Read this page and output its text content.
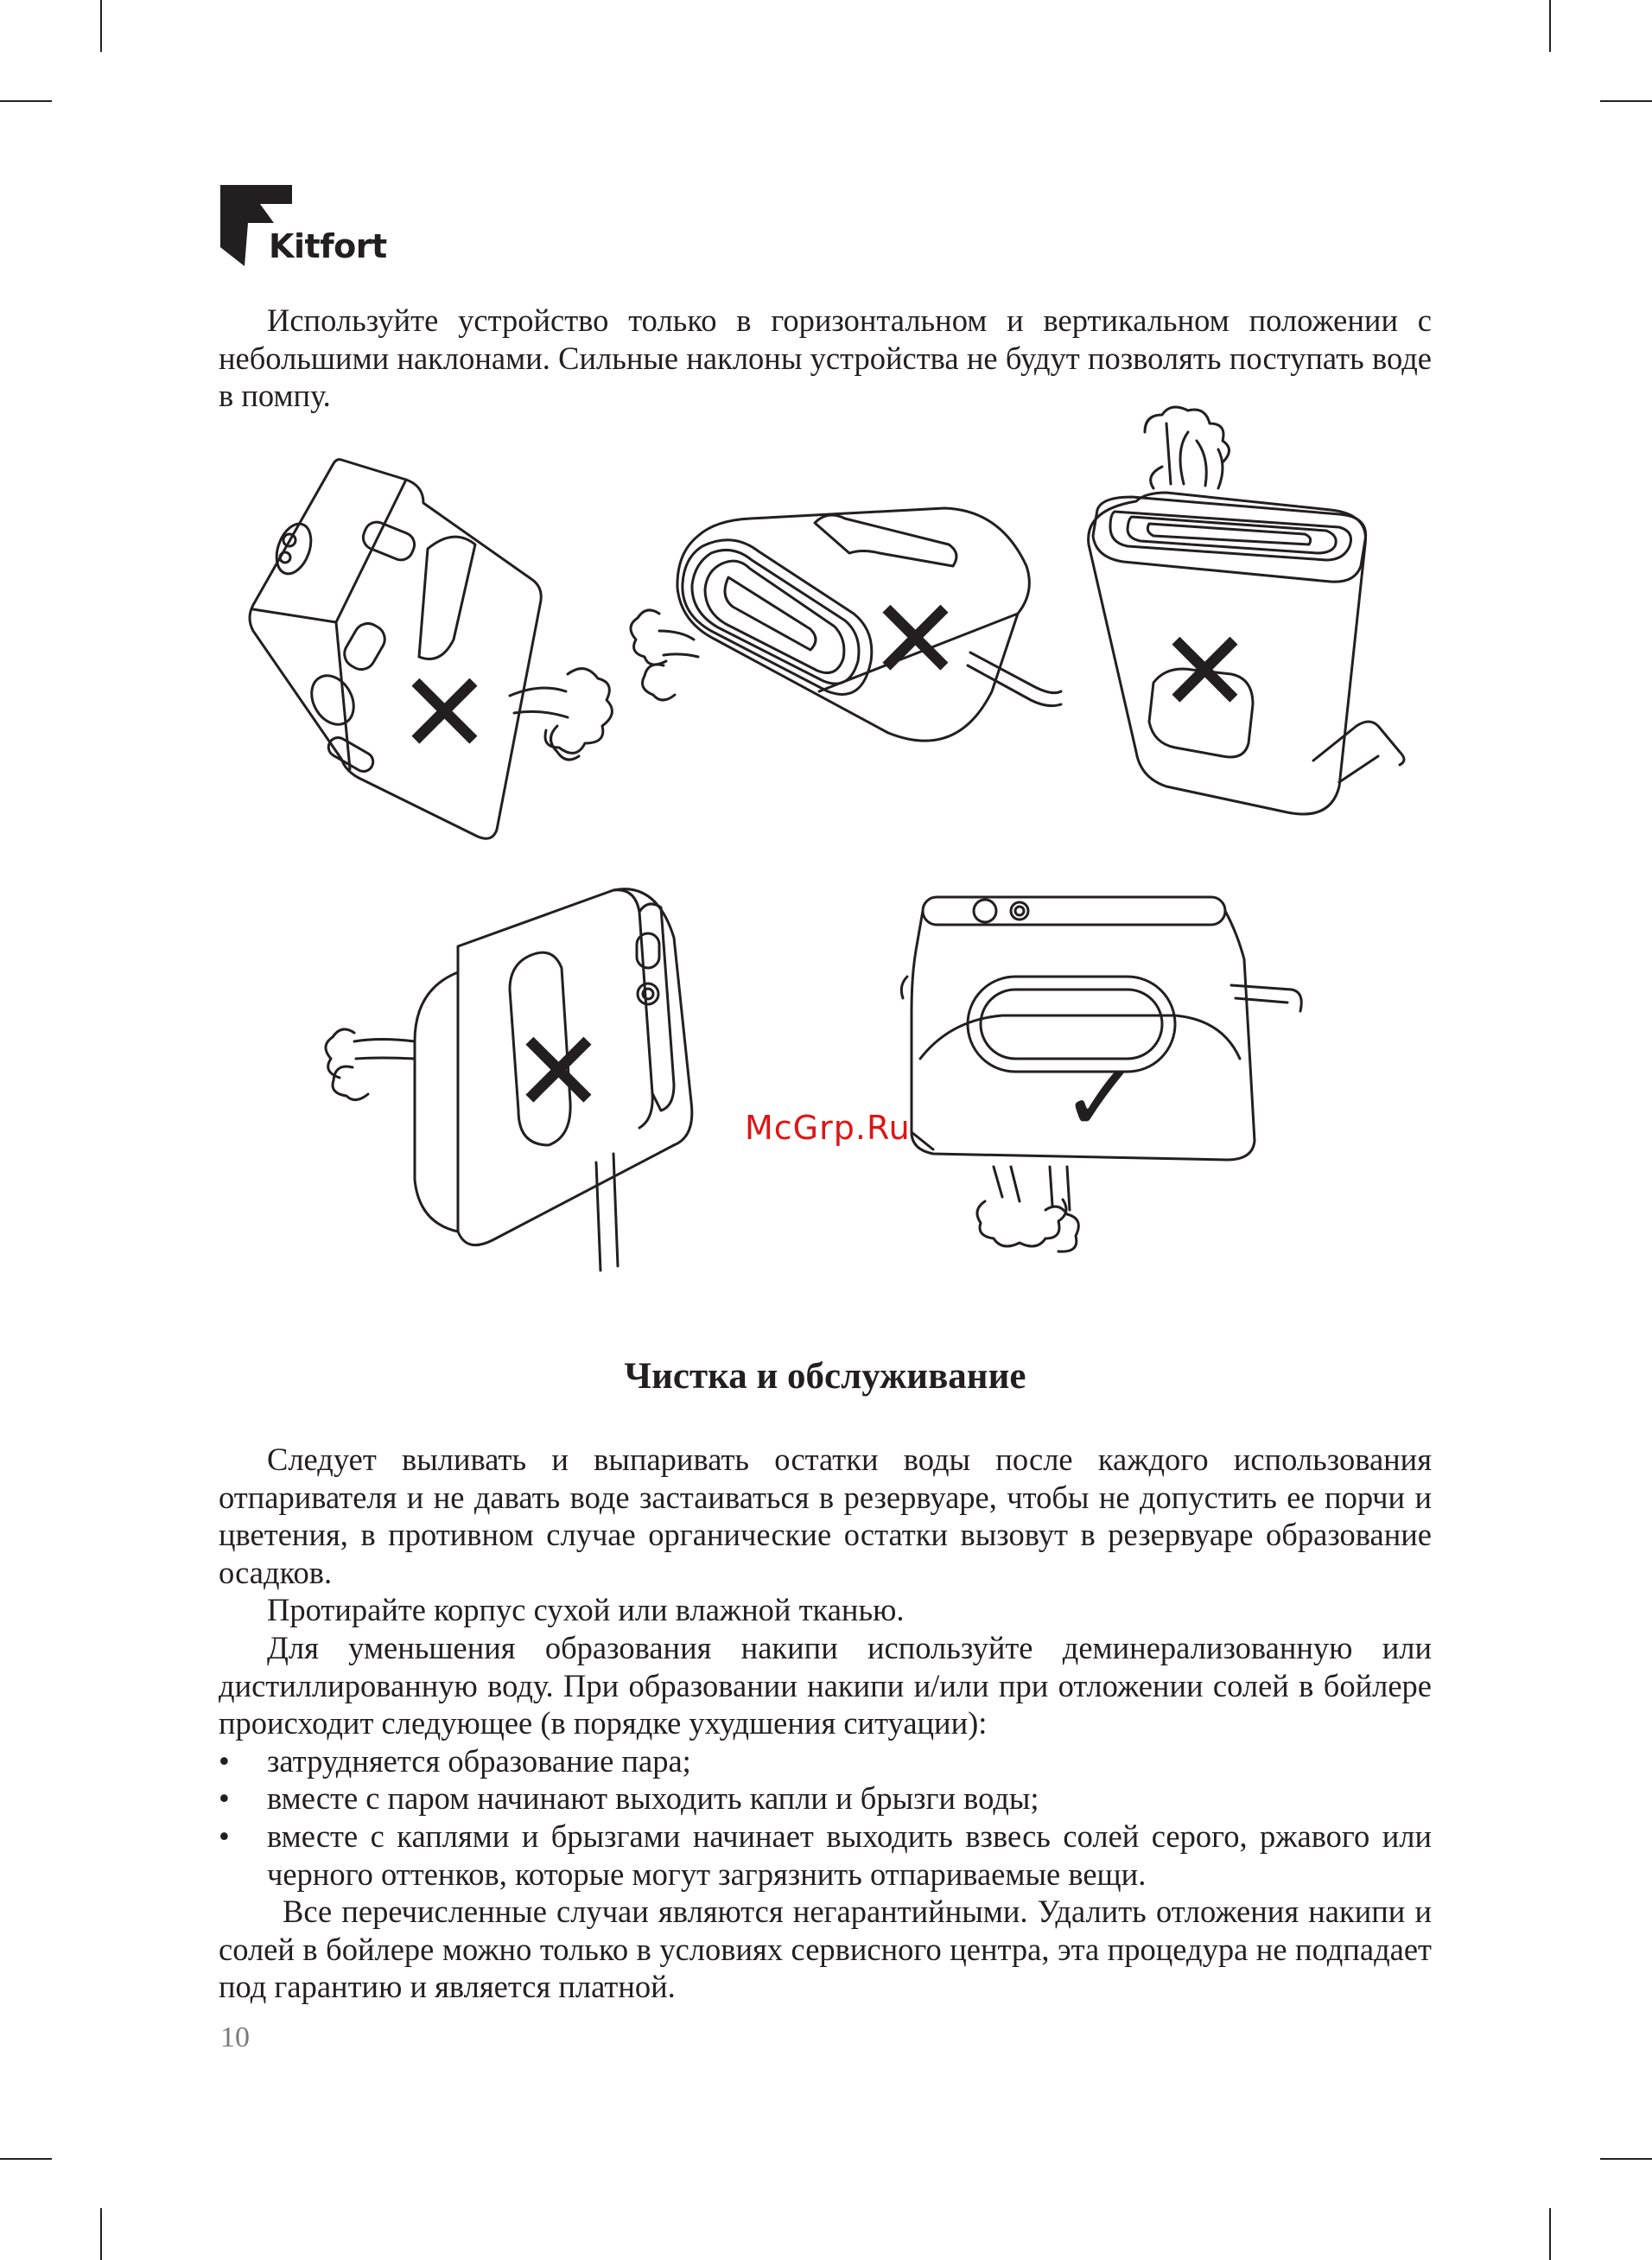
Kitfort

Используйте устройство только в горизонтальном и вертикальном положении с небольшими наклонами. Сильные наклоны устройства не будут позволять поступать воде в помпу.

✕
✕ ✕
✕	✓
McGrp.Ru
Чистка и обслуживание

Следует выливать и выпаривать остатки воды после каждого использования отпаривателя и не давать воде застаиваться в резервуаре, чтобы не допустить ее порчи и цветения, в противном случае органические остатки вызовут в резервуаре образование осадков.

Протирайте корпус сухой или влажной тканью.

Для уменьшения образования накипи используйте деминерализованную или дистиллированную воду. При образовании накипи и/или при отложении солей в бойлере происходит следующее (в порядке ухудшения ситуации):

• затрудняется образование пара;
• вместе с паром начинают выходить капли и брызги воды;
• вместе с каплями и брызгами начинает выходить взвесь солей серого, ржавого или черного оттенков, которые могут загрязнить отпариваемые вещи.

Все перечисленные случаи являются негарантийными. Удалить отложения накипи и солей в бойлере можно только в условиях сервисного центра, эта процедура не подпадает под гарантию и является платной.

10
